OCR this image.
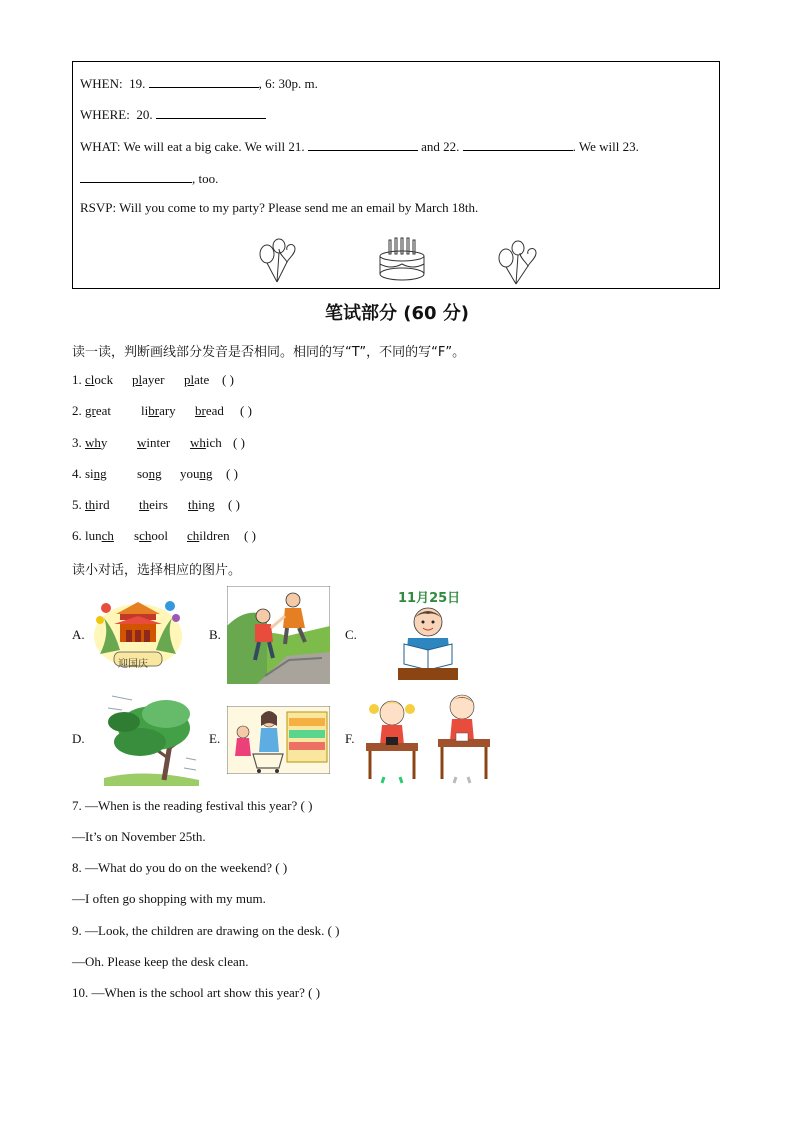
WHEN: 19.	, 6: 30p. m.
WHERE: 20.
WHAT: We will eat a big cake. We will 21.	and 22.	. We will 23.
, too.
RSVP: Will you come to my party? Please send me an email by March 18th.
笔试部分 (60 分)
读一读，判断画线部分发音是否相同。相同的写“T”，不同的写“F”。
1. clock player plate ( )
2. great library bread ( )
3. why winter which ( )
4. sing song young ( )
5. third theirs thing ( )
6. lunch school children ( )
读小对话，选择相应的图片。
A.	B.	C.
D.	E.	F.
迎国庆
11月25日
7. —When is the reading festival this year? ( )
—It’s on November 25th.
8. —What do you do on the weekend? ( )
—I often go shopping with my mum.
9. —Look, the children are drawing on the desk. ( )
—Oh. Please keep the desk clean.
10. —When is the school art show this year? ( )
